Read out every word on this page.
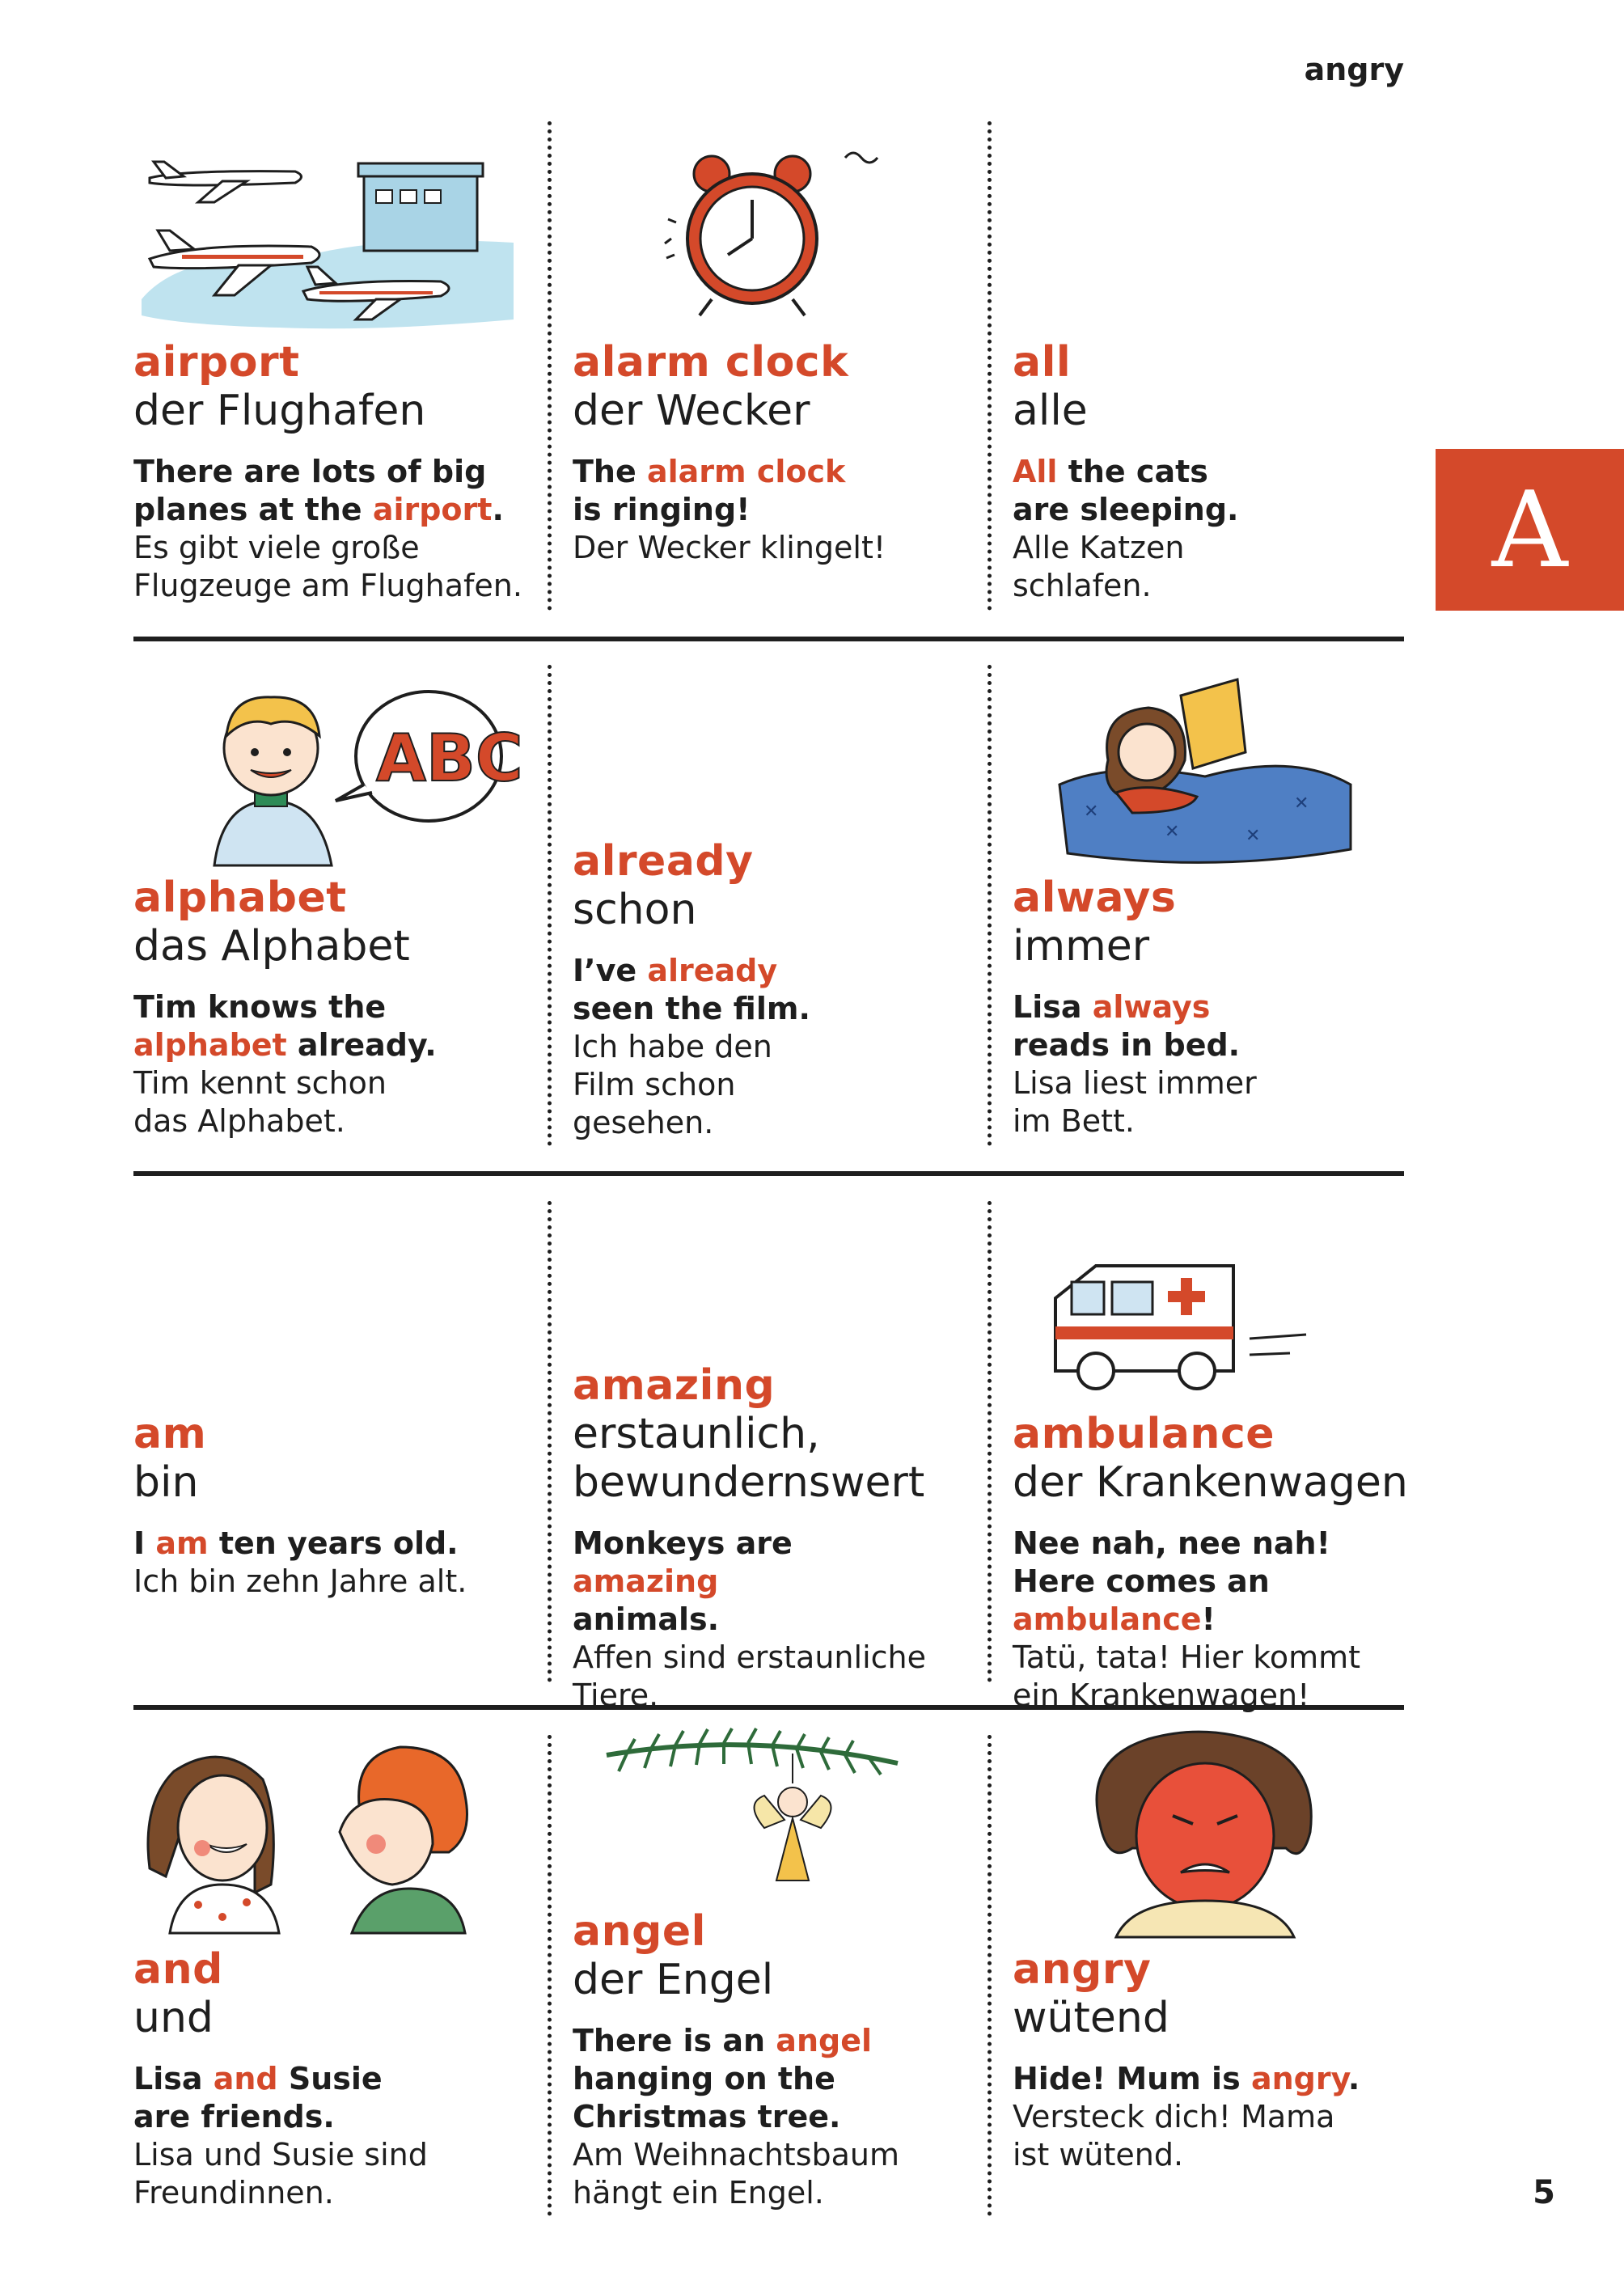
angry
A
5
ABC
✕
✕
✕
✕

airport

der Flughafen

There are lots of big planes at the airport.

Es gibt viele große Flugzeuge am Flughafen.

alarm clock

der Wecker

The alarm clock is ringing!

Der Wecker klingelt!

all

alle

All the cats are sleeping.

Alle Katzen schlafen.

alphabet

das Alphabet

Tim knows the alphabet already.

Tim kennt schon das Alphabet.

already

schon

I’ve already seen the film.

Ich habe den Film schon gesehen.

always

immer

Lisa always reads in bed.

Lisa liest immer im Bett.

am

bin

I am ten years old.

Ich bin zehn Jahre alt.

amazing

erstaunlich, bewundernswert

Monkeys are amazing animals.

Affen sind erstaunliche Tiere.

ambulance

der Krankenwagen

Nee nah, nee nah! Here comes an ambulance!

Tatü, tata! Hier kommt ein Krankenwagen!

and

und

Lisa and Susie are friends.

Lisa und Susie sind Freundinnen.

angel

der Engel

There is an angel hanging on the Christmas tree.

Am Weihnachtsbaum hängt ein Engel.

angry

wütend

Hide! Mum is angry.

Versteck dich! Mama ist wütend.
